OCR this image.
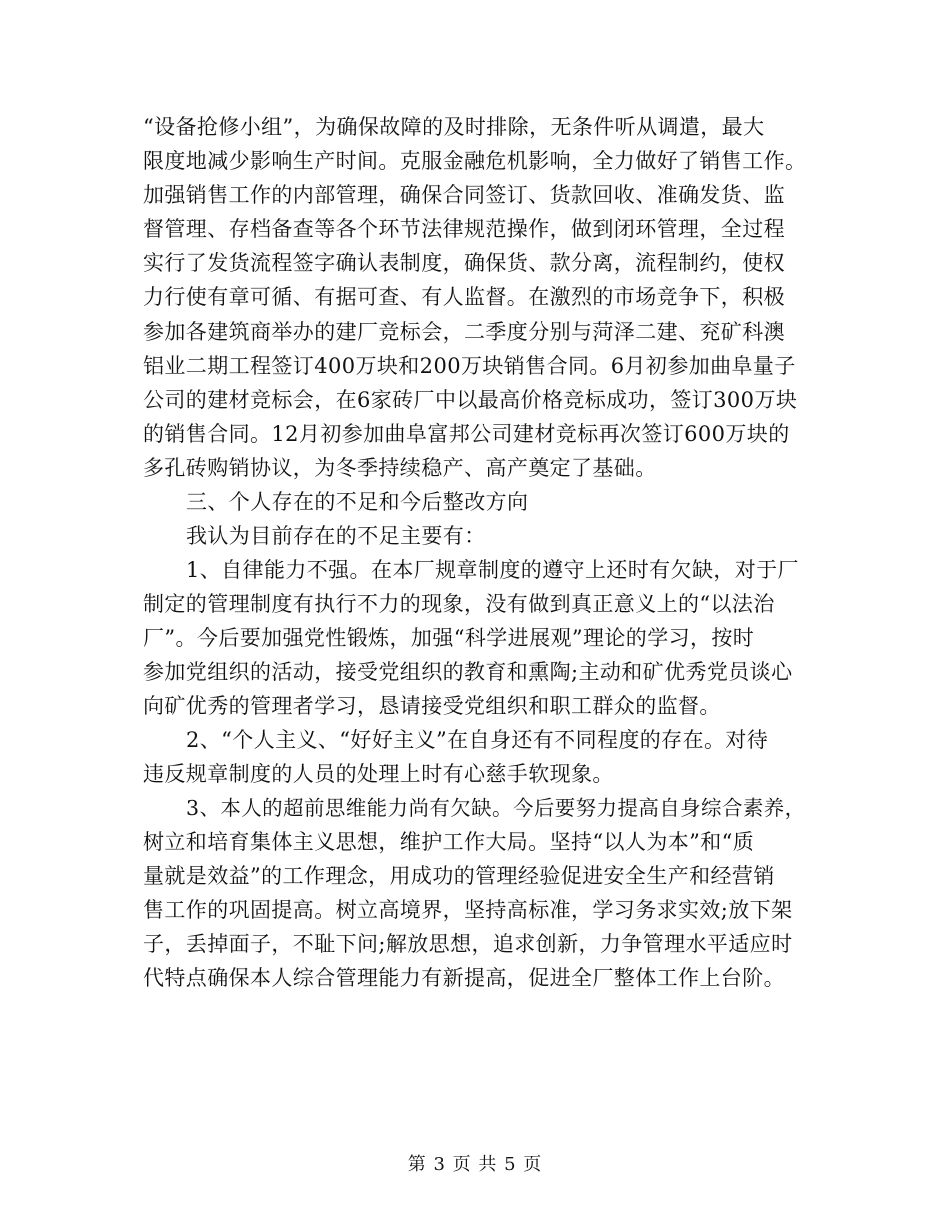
“设备抢修小组”，为确保故障的及时排除，无条件听从调遣，最大
限度地减少影响生产时间。克服金融危机影响，全力做好了销售工作。
加强销售工作的内部管理，确保合同签订、货款回收、准确发货、监
督管理、存档备查等各个环节法律规范操作，做到闭环管理，全过程
实行了发货流程签字确认表制度，确保货、款分离，流程制约，使权
力行使有章可循、有据可查、有人监督。在激烈的市场竞争下，积极
参加各建筑商举办的建厂竞标会，二季度分别与菏泽二建、兖矿科澳
铝业二期工程签订400万块和200万块销售合同。6月初参加曲阜量子
公司的建材竞标会，在6家砖厂中以最高价格竞标成功，签订300万块
的销售合同。12月初参加曲阜富邦公司建材竞标再次签订600万块的
多孔砖购销协议，为冬季持续稳产、高产奠定了基础。
三、个人存在的不足和今后整改方向
我认为目前存在的不足主要有：
1、自律能力不强。在本厂规章制度的遵守上还时有欠缺，对于厂
制定的管理制度有执行不力的现象，没有做到真正意义上的“以法治
厂”。今后要加强党性锻炼，加强“科学进展观”理论的学习，按时
参加党组织的活动，接受党组织的教育和熏陶;主动和矿优秀党员谈心
向矿优秀的管理者学习，恳请接受党组织和职工群众的监督。
2、“个人主义、“好好主义”在自身还有不同程度的存在。对待
违反规章制度的人员的处理上时有心慈手软现象。
3、本人的超前思维能力尚有欠缺。今后要努力提高自身综合素养，
树立和培育集体主义思想，维护工作大局。坚持“以人为本”和“质
量就是效益”的工作理念，用成功的管理经验促进安全生产和经营销
售工作的巩固提高。树立高境界，坚持高标准，学习务求实效;放下架
子，丢掉面子，不耻下问;解放思想，追求创新，力争管理水平适应时
代特点确保本人综合管理能力有新提高，促进全厂整体工作上台阶。
第 3 页 共 5 页
